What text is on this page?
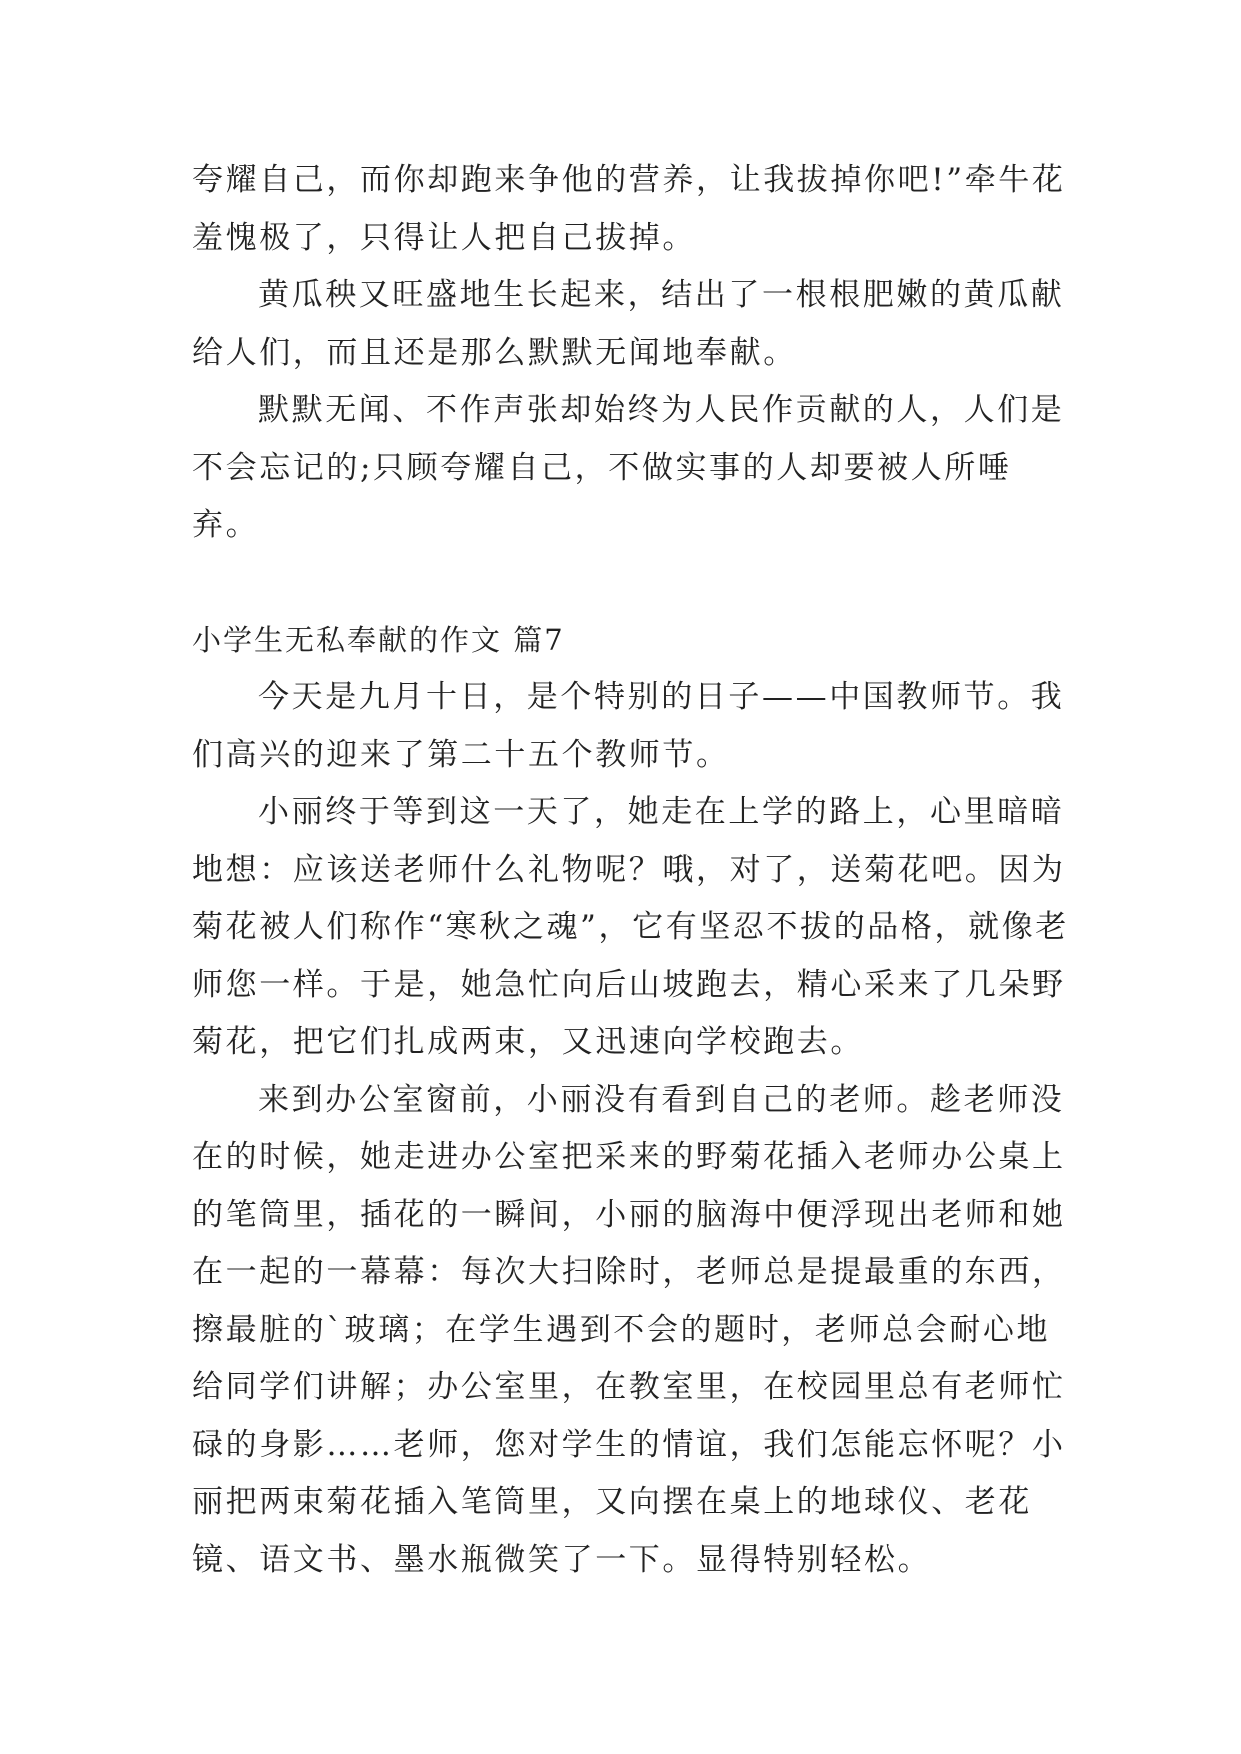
夸耀自己，而你却跑来争他的营养，让我拔掉你吧!”牵牛花羞愧极了，只得让人把自己拔掉。

黄瓜秧又旺盛地生长起来，结出了一根根肥嫩的黄瓜献给人们，而且还是那么默默无闻地奉献。

默默无闻、不作声张却始终为人民作贡献的人，人们是不会忘记的;只顾夸耀自己，不做实事的人却要被人所唾弃。

小学生无私奉献的作文 篇7

今天是九月十日，是个特别的日子——中国教师节。我们高兴的迎来了第二十五个教师节。

小丽终于等到这一天了，她走在上学的路上，心里暗暗地想：应该送老师什么礼物呢？哦，对了，送菊花吧。因为菊花被人们称作“寒秋之魂”，它有坚忍不拔的品格，就像老师您一样。于是，她急忙向后山坡跑去，精心采来了几朵野菊花，把它们扎成两束，又迅速向学校跑去。

来到办公室窗前，小丽没有看到自己的老师。趁老师没在的时候，她走进办公室把采来的野菊花插入老师办公桌上的笔筒里，插花的一瞬间，小丽的脑海中便浮现出老师和她在一起的一幕幕：每次大扫除时，老师总是提最重的东西，擦最脏的`玻璃；在学生遇到不会的题时，老师总会耐心地给同学们讲解；办公室里，在教室里，在校园里总有老师忙碌的身影……老师，您对学生的情谊，我们怎能忘怀呢？小丽把两束菊花插入笔筒里，又向摆在桌上的地球仪、老花镜、语文书、墨水瓶微笑了一下。显得特别轻松。
